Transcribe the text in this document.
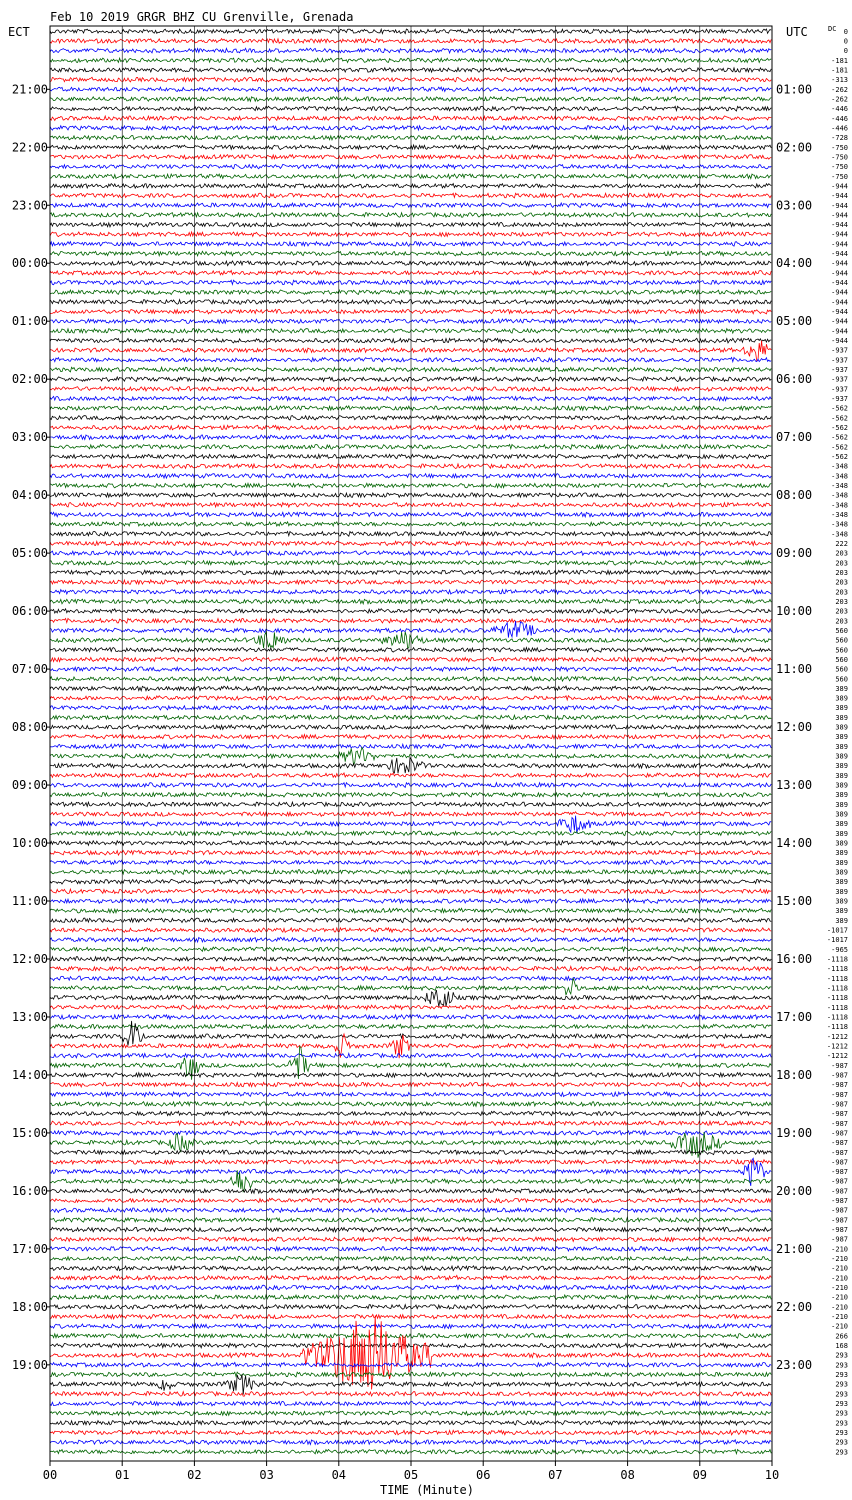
Feb 10 2019 GRGR BHZ CU Grenville, Grenada
ECT	UTC	DC
21:00
22:00
23:00
00:00
01:00
02:00
03:00
04:00
05:00
06:00
07:00
08:00
09:00
10:00
11:00
12:00
13:00
14:00
15:00
16:00
17:00
18:00
19:00
01:00
02:00
03:00
04:00
05:00
06:00
07:00
08:00
09:00
10:00
11:00
12:00
13:00
14:00
15:00
16:00
17:00
18:00
19:00
20:00
21:00
22:00
23:00
0
0
0
-181
-181
-313
-262
-262
-446
-446
-446
-728
-750
-750
-750
-750
-944
-944
-944
-944
-944
-944
-944
-944
-944
-944
-944
-944
-944
-944
-944
-944
-944
-937
-937
-937
-937
-937
-937
-562
-562
-562
-562
-562
-562
-348
-348
-348
-348
-348
-348
-348
-348
222
203
203
203
203
203
203
203
203
560
560
560
560
560
560
389
389
389
389
389
389
389
389
389
389
389
389
389
389
389
389
389
389
389
389
389
389
389
389
389
-1017
-1017
-965
-1118
-1118
-1118
-1118
-1118
-1118
-1118
-1118
-1212
-1212
-1212
-987
-987
-987
-987
-987
-987
-987
-987
-987
-987
-987
-987
-987
-987
-987
-987
-987
-987
-987
-210
-210
-210
-210
-210
-210
-210
-210
-210
266
168
293
293
293
293
293
293
293
293
293
293
293
00	01	02	03	04	05	06	07	08	09	10
TIME (Minute)
